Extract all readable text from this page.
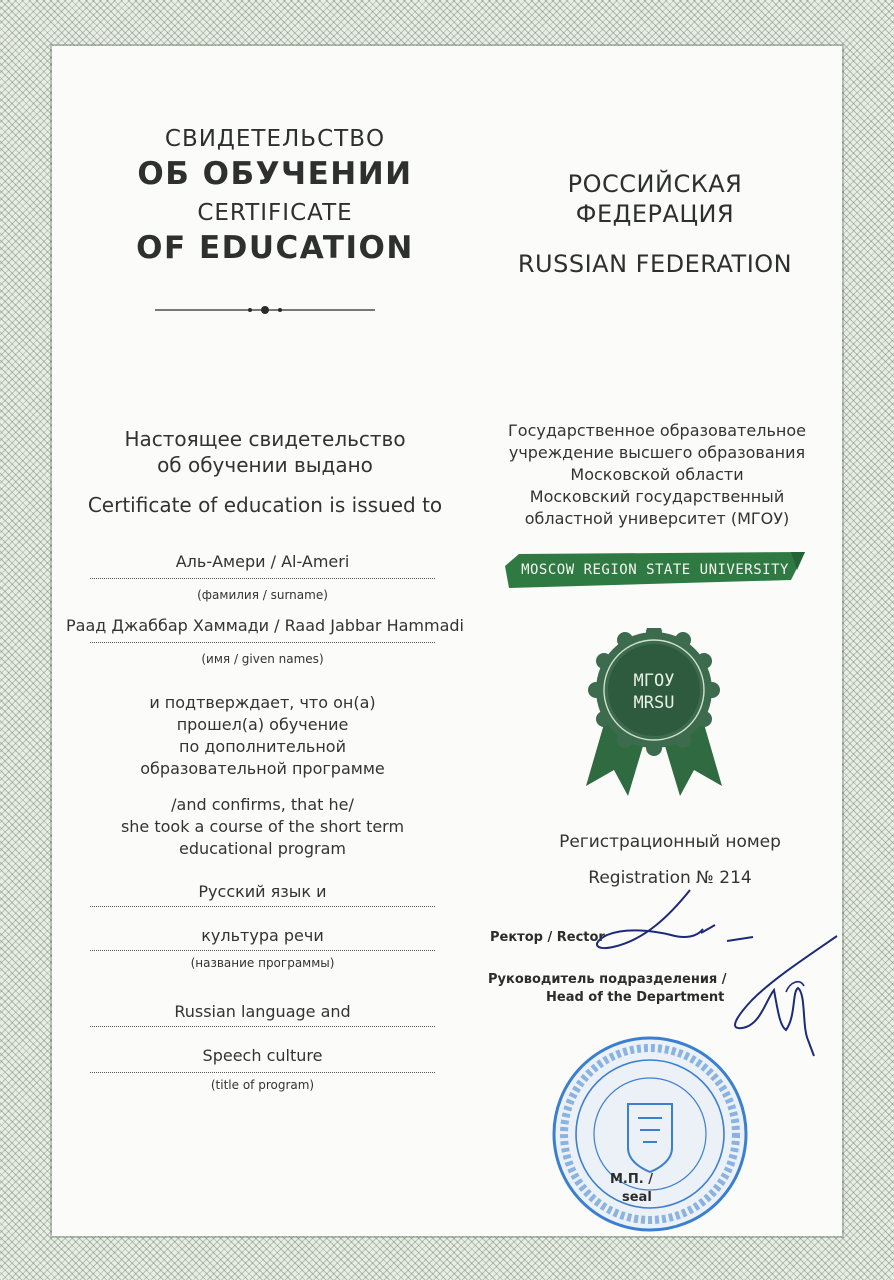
СВИДЕТЕЛЬСТВО
ОБ ОБУЧЕНИИ
CERTIFICATE
OF EDUCATION
РОССИЙСКАЯ
ФЕДЕРАЦИЯ
RUSSIAN FEDERATION
Настоящее свидетельство
об обучении выдано
Certificate of education is issued to
Государственное образовательное
учреждение высшего образования
Московской области
Московский государственный
областной университет (МГОУ)
MOSCOW REGION STATE UNIVERSITY
МГОУ
MRSU
Аль-Амери / Al-Ameri
(фамилия / surname)
Раад Джаббар Хаммади / Raad Jabbar Hammadi
(имя / given names)
и подтверждает, что он(а)
прошел(а) обучение
по дополнительной
образовательной программе
/and confirms, that he/
she took a course of the short term
educational program
Русский язык и
культура речи
(название программы)
Russian language and
Speech culture
(title of program)
Регистрационный номер
Registration № 214
Ректор / Rector
Руководитель подразделения /
Head of the Department
М.П. /
seal
